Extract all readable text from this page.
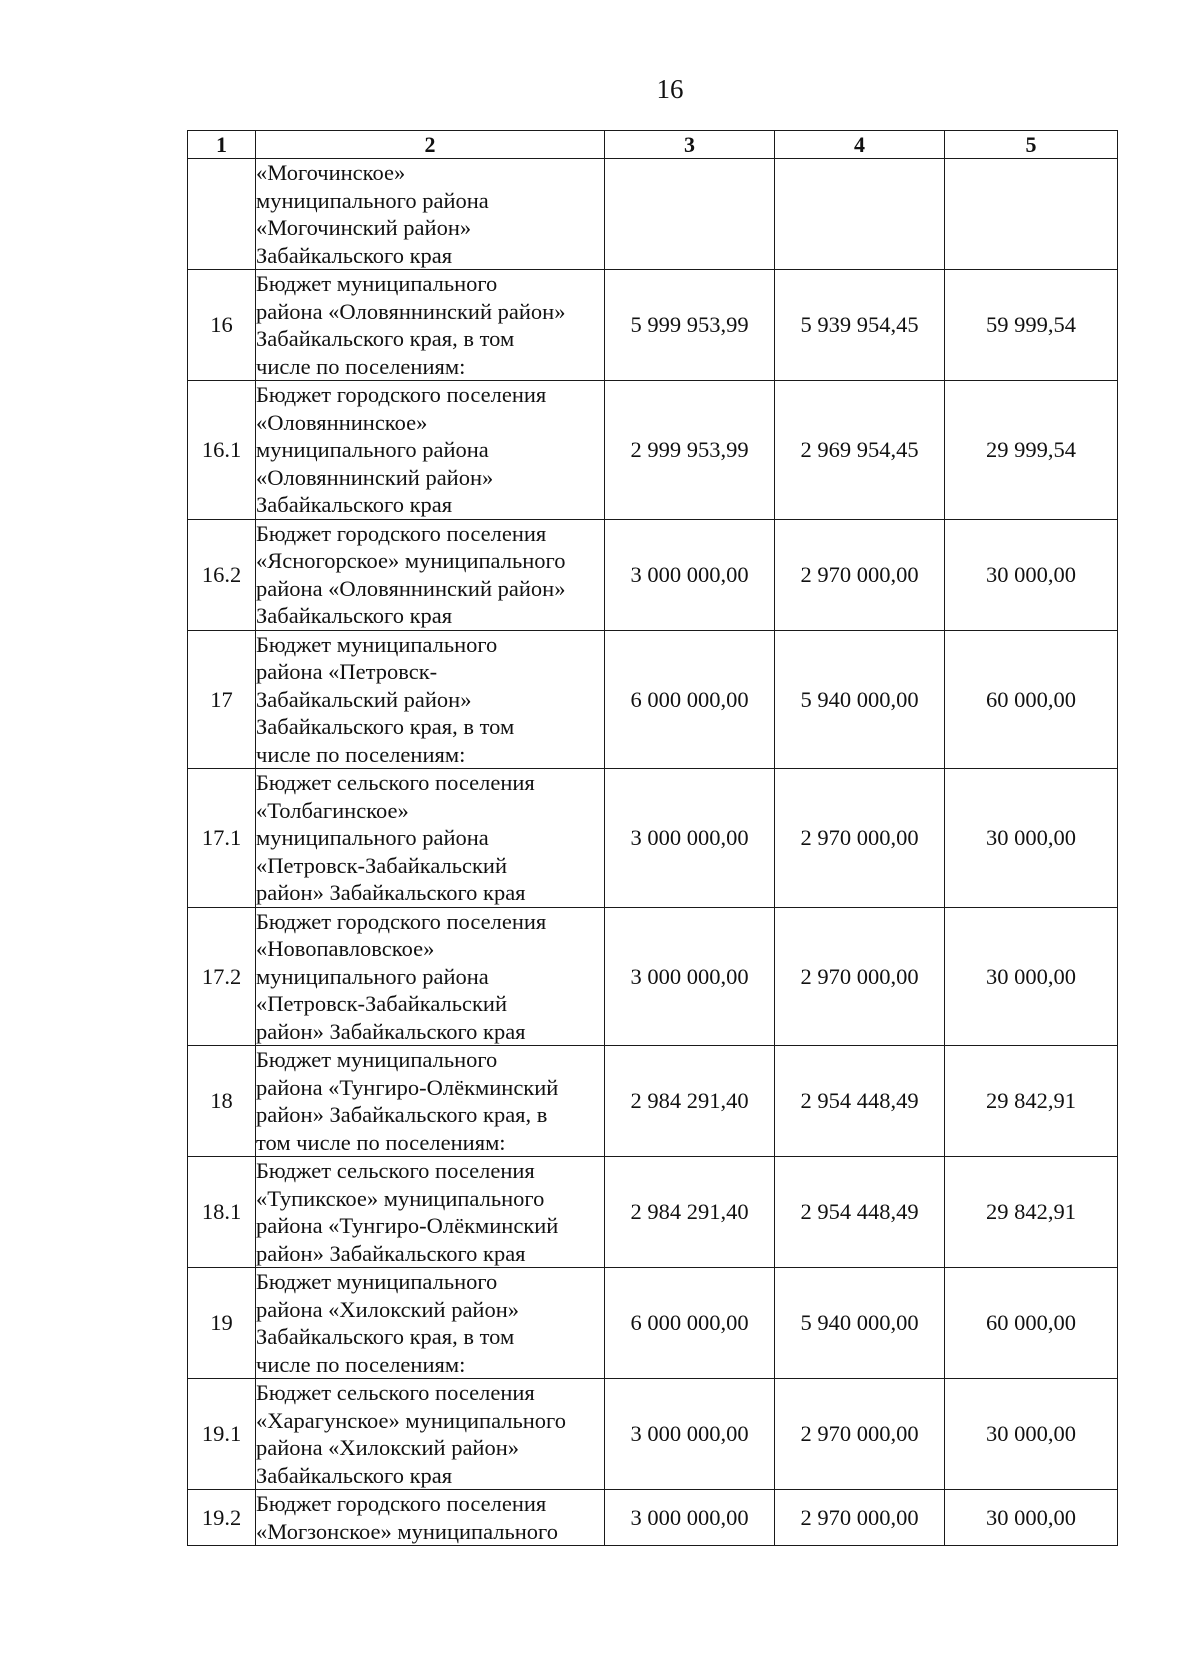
16
1	2	3	4	5
	«Могочинское»
муниципального района
«Могочинский район»
Забайкальского края			
16	Бюджет муниципального
района «Оловяннинский район»
Забайкальского края, в том
числе по поселениям:	5 999 953,99	5 939 954,45	59 999,54
16.1	Бюджет городского поселения
«Оловяннинское»
муниципального района
«Оловяннинский район»
Забайкальского края	2 999 953,99	2 969 954,45	29 999,54
16.2	Бюджет городского поселения
«Ясногорское» муниципального
района «Оловяннинский район»
Забайкальского края	3 000 000,00	2 970 000,00	30 000,00
17	Бюджет муниципального
района «Петровск-
Забайкальский район»
Забайкальского края, в том
числе по поселениям:	6 000 000,00	5 940 000,00	60 000,00
17.1	Бюджет сельского поселения
«Толбагинское»
муниципального района
«Петровск-Забайкальский
район» Забайкальского края	3 000 000,00	2 970 000,00	30 000,00
17.2	Бюджет городского поселения
«Новопавловское»
муниципального района
«Петровск-Забайкальский
район» Забайкальского края	3 000 000,00	2 970 000,00	30 000,00
18	Бюджет муниципального
района «Тунгиро-Олёкминский
район» Забайкальского края, в
том числе по поселениям:	2 984 291,40	2 954 448,49	29 842,91
18.1	Бюджет сельского поселения
«Тупикское» муниципального
района «Тунгиро-Олёкминский
район» Забайкальского края	2 984 291,40	2 954 448,49	29 842,91
19	Бюджет муниципального
района «Хилокский район»
Забайкальского края, в том
числе по поселениям:	6 000 000,00	5 940 000,00	60 000,00
19.1	Бюджет сельского поселения
«Харагунское» муниципального
района «Хилокский район»
Забайкальского края	3 000 000,00	2 970 000,00	30 000,00
19.2	Бюджет городского поселения
«Могзонское» муниципального	3 000 000,00	2 970 000,00	30 000,00
